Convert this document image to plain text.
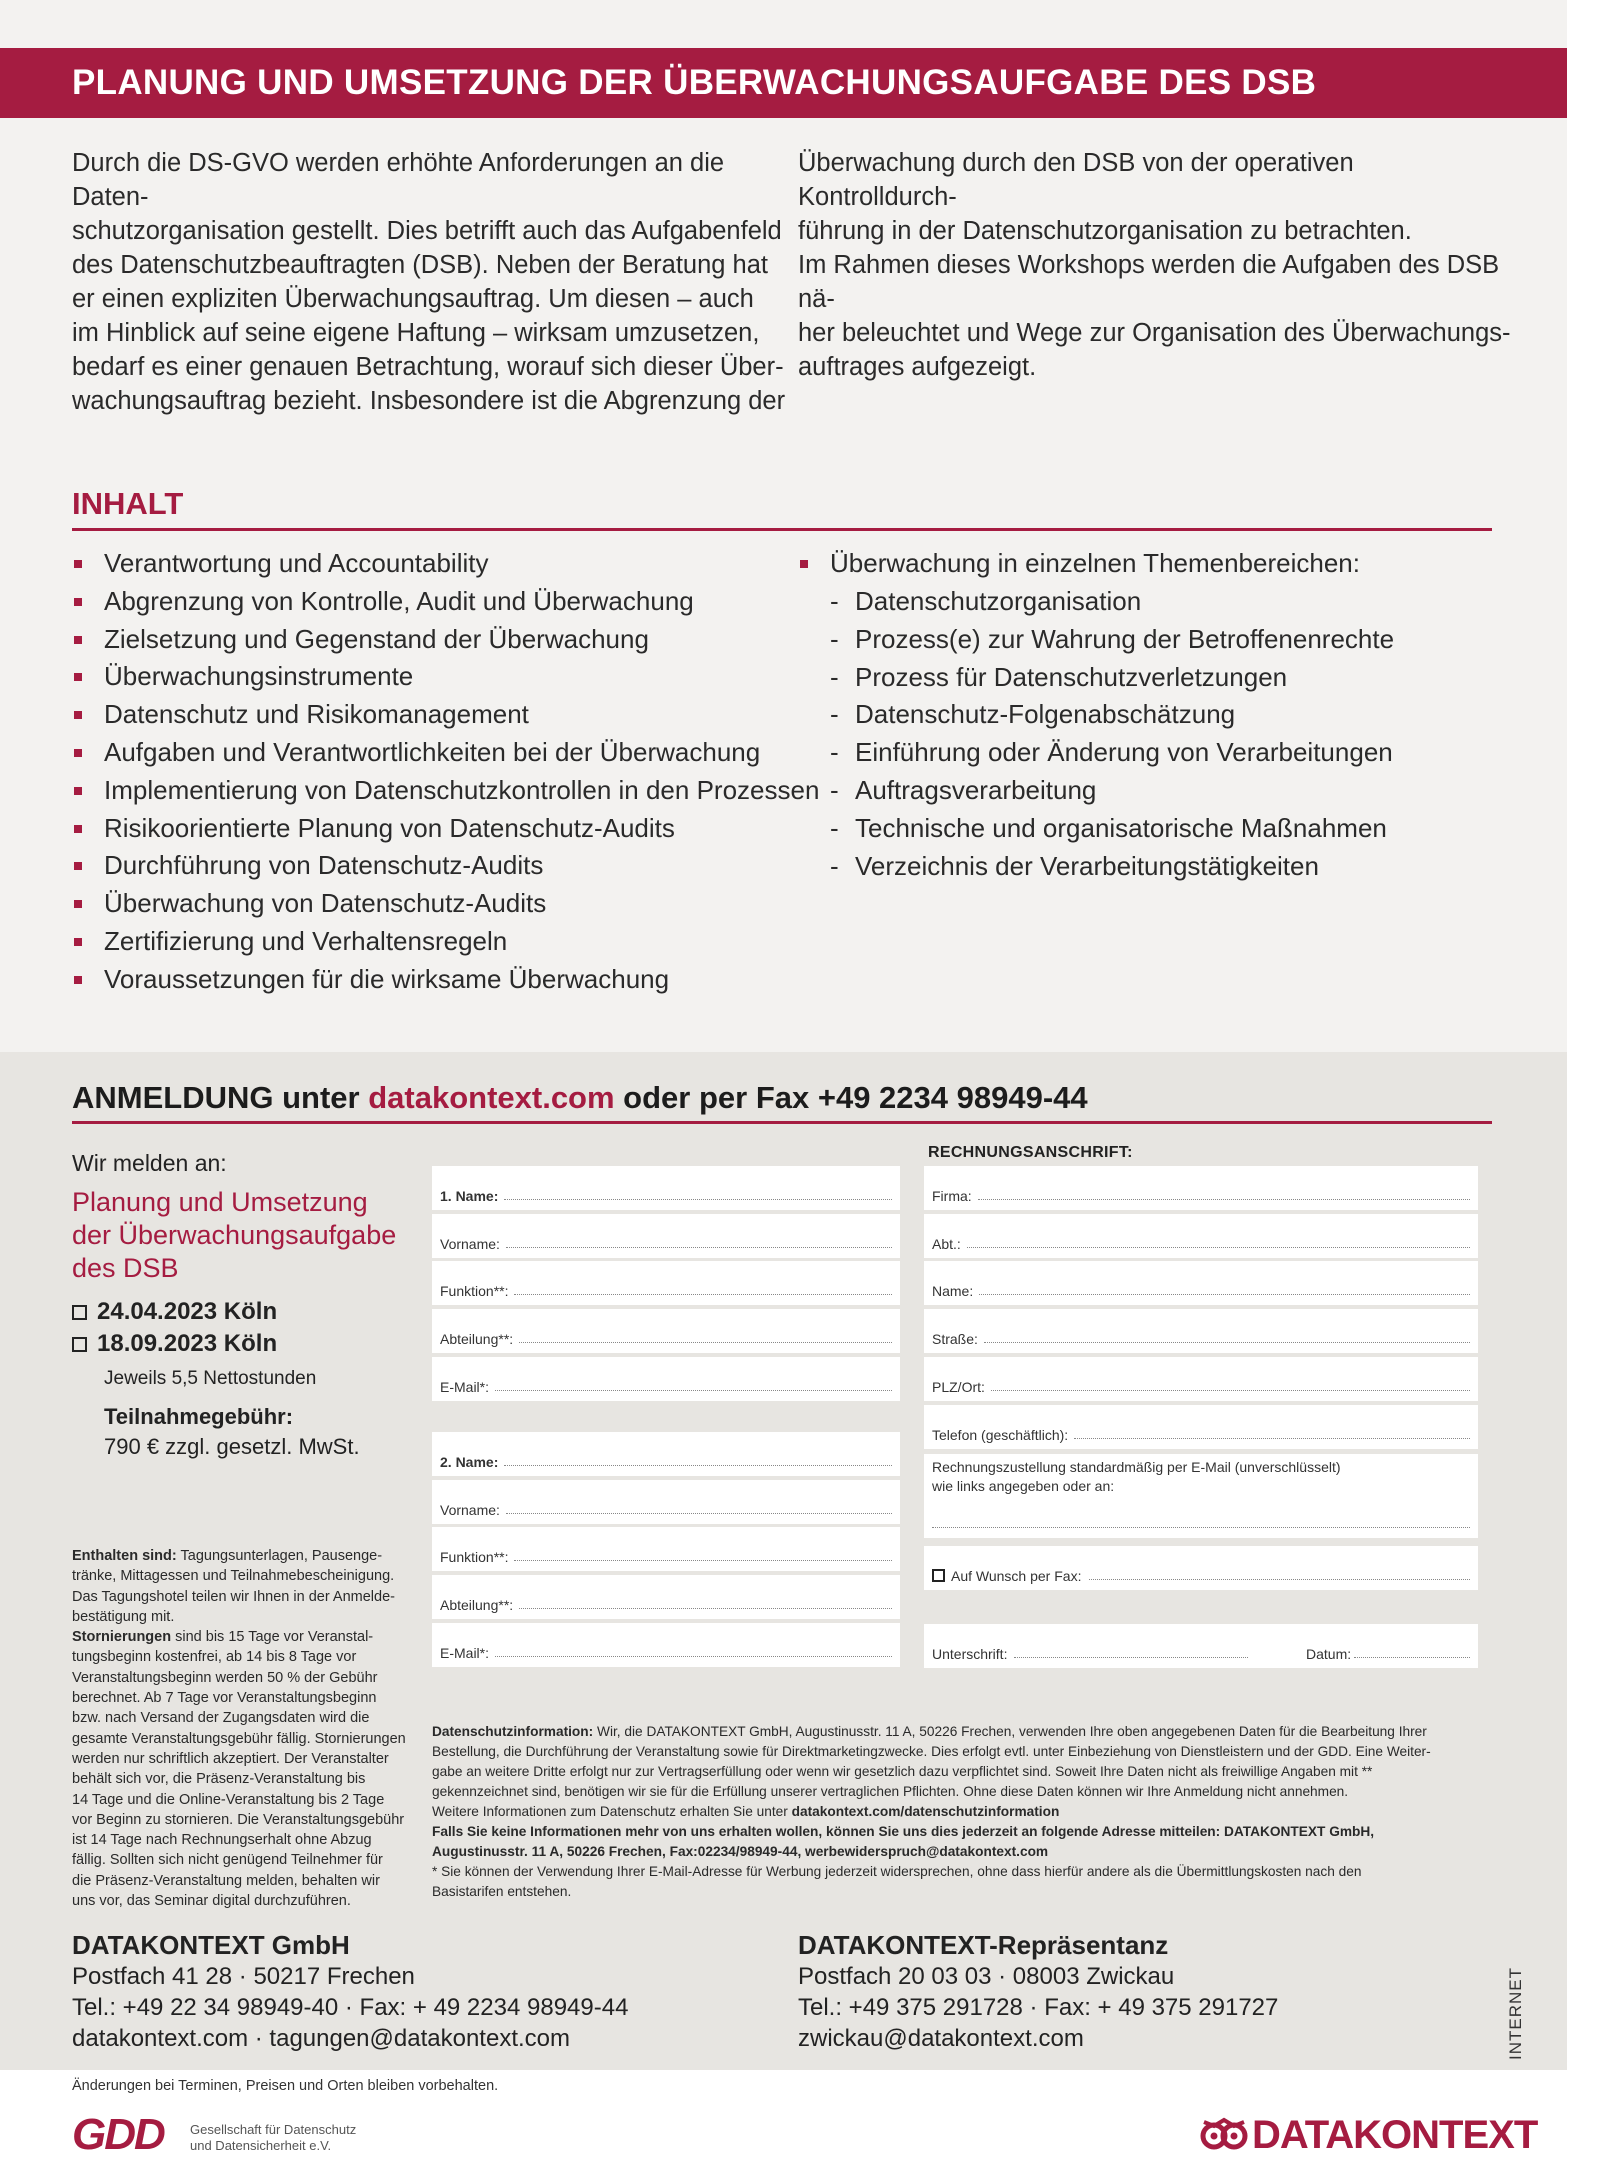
PLANUNG UND UMSETZUNG DER ÜBERWACHUNGSAUFGABE DES DSB
Durch die DS-GVO werden erhöhte Anforderungen an die Daten-
schutzorganisation gestellt. Dies betrifft auch das Aufgabenfeld
des Datenschutzbeauftragten (DSB). Neben der Beratung hat
er einen expliziten Überwachungsauftrag. Um diesen – auch
im Hinblick auf seine eigene Haftung – wirksam umzusetzen,
bedarf es einer genauen Betrachtung, worauf sich dieser Über-
wachungsauftrag bezieht. Insbesondere ist die Abgrenzung der
Überwachung durch den DSB von der operativen Kontrolldurch-
führung in der Datenschutzorganisation zu betrachten.
Im Rahmen dieses Workshops werden die Aufgaben des DSB nä-
her beleuchtet und Wege zur Organisation des Überwachungs-
auftrages aufgezeigt.
INHALT
Verantwortung und Accountability
Abgrenzung von Kontrolle, Audit und Überwachung
Zielsetzung und Gegenstand der Überwachung
Überwachungsinstrumente
Datenschutz und Risikomanagement
Aufgaben und Verantwortlichkeiten bei der Überwachung
Implementierung von Datenschutzkontrollen in den Prozessen
Risikoorientierte Planung von Datenschutz-Audits
Durchführung von Datenschutz-Audits
Überwachung von Datenschutz-Audits
Zertifizierung und Verhaltensregeln
Voraussetzungen für die wirksame Überwachung
Überwachung in einzelnen Themenbereichen:
- Datenschutzorganisation
- Prozess(e) zur Wahrung der Betroffenenrechte
- Prozess für Datenschutzverletzungen
- Datenschutz-Folgenabschätzung
- Einführung oder Änderung von Verarbeitungen
- Auftragsverarbeitung
- Technische und organisatorische Maßnahmen
- Verzeichnis der Verarbeitungstätigkeiten
ANMELDUNG unter datakontext.com oder per Fax +49 2234 98949-44
Wir melden an:
Planung und Umsetzung
der Überwachungsaufgabe
des DSB
24.04.2023 Köln
18.09.2023 Köln
Jeweils 5,5 Nettostunden
Teilnahmegebühr:
790 € zzgl. gesetzl. MwSt.
Enthalten sind: Tagungsunterlagen, Pausenge-
tränke, Mittagessen und Teilnahmebescheinigung.
Das Tagungshotel teilen wir Ihnen in der Anmelde-
bestätigung mit.
Stornierungen sind bis 15 Tage vor Veranstal-
tungsbeginn kostenfrei, ab 14 bis 8 Tage vor
Veranstaltungsbeginn werden 50 % der Gebühr
berechnet. Ab 7 Tage vor Veranstaltungsbeginn
bzw. nach Versand der Zugangsdaten wird die
gesamte Veranstaltungsgebühr fällig. Stornierungen
werden nur schriftlich akzeptiert. Der Veranstalter
behält sich vor, die Präsenz-Veranstaltung bis
14 Tage und die Online-Veranstaltung bis 2 Tage
vor Beginn zu stornieren. Die Veranstaltungsgebühr
ist 14 Tage nach Rechnungserhalt ohne Abzug
fällig. Sollten sich nicht genügend Teilnehmer für
die Präsenz-Veranstaltung melden, behalten wir
uns vor, das Seminar digital durchzuführen.
1. Name:
Vorname:
Funktion**:
Abteilung**:
E-Mail*:
2. Name:
Vorname:
Funktion**:
Abteilung**:
E-Mail*:
RECHNUNGSANSCHRIFT:
Firma:
Abt.:
Name:
Straße:
PLZ/Ort:
Telefon (geschäftlich):
Rechnungszustellung standardmäßig per E-Mail (unverschlüsselt)
wie links angegeben oder an:
Auf Wunsch per Fax:
Unterschrift:	Datum:
Datenschutzinformation: Wir, die DATAKONTEXT GmbH, Augustinusstr. 11 A, 50226 Frechen, verwenden Ihre oben angegebenen Daten für die Bearbeitung Ihrer
Bestellung, die Durchführung der Veranstaltung sowie für Direktmarketingzwecke. Dies erfolgt evtl. unter Einbeziehung von Dienstleistern und der GDD. Eine Weiter-
gabe an weitere Dritte erfolgt nur zur Vertragserfüllung oder wenn wir gesetzlich dazu verpflichtet sind. Soweit Ihre Daten nicht als freiwillige Angaben mit **
gekennzeichnet sind, benötigen wir sie für die Erfüllung unserer vertraglichen Pflichten. Ohne diese Daten können wir Ihre Anmeldung nicht annehmen.
Weitere Informationen zum Datenschutz erhalten Sie unter datakontext.com/datenschutzinformation
Falls Sie keine Informationen mehr von uns erhalten wollen, können Sie uns dies jederzeit an folgende Adresse mitteilen: DATAKONTEXT GmbH,
Augustinusstr. 11 A, 50226 Frechen, Fax:02234/98949-44, werbewiderspruch@datakontext.com
* Sie können der Verwendung Ihrer E-Mail-Adresse für Werbung jederzeit widersprechen, ohne dass hierfür andere als die Übermittlungskosten nach den
Basistarifen entstehen.
DATAKONTEXT GmbH
Postfach 41 28 · 50217 Frechen
Tel.: +49 22 34 98949-40 · Fax: + 49 2234 98949-44
datakontext.com · tagungen@datakontext.com
DATAKONTEXT-Repräsentanz
Postfach 20 03 03 · 08003 Zwickau
Tel.: +49 375 291728 · Fax: + 49 375 291727
zwickau@datakontext.com	INTERNET
Änderungen bei Terminen, Preisen und Orten bleiben vorbehalten.
GDD Gesellschaft für Datenschutz
und Datensicherheit e.V.	DATAKONTEXT
